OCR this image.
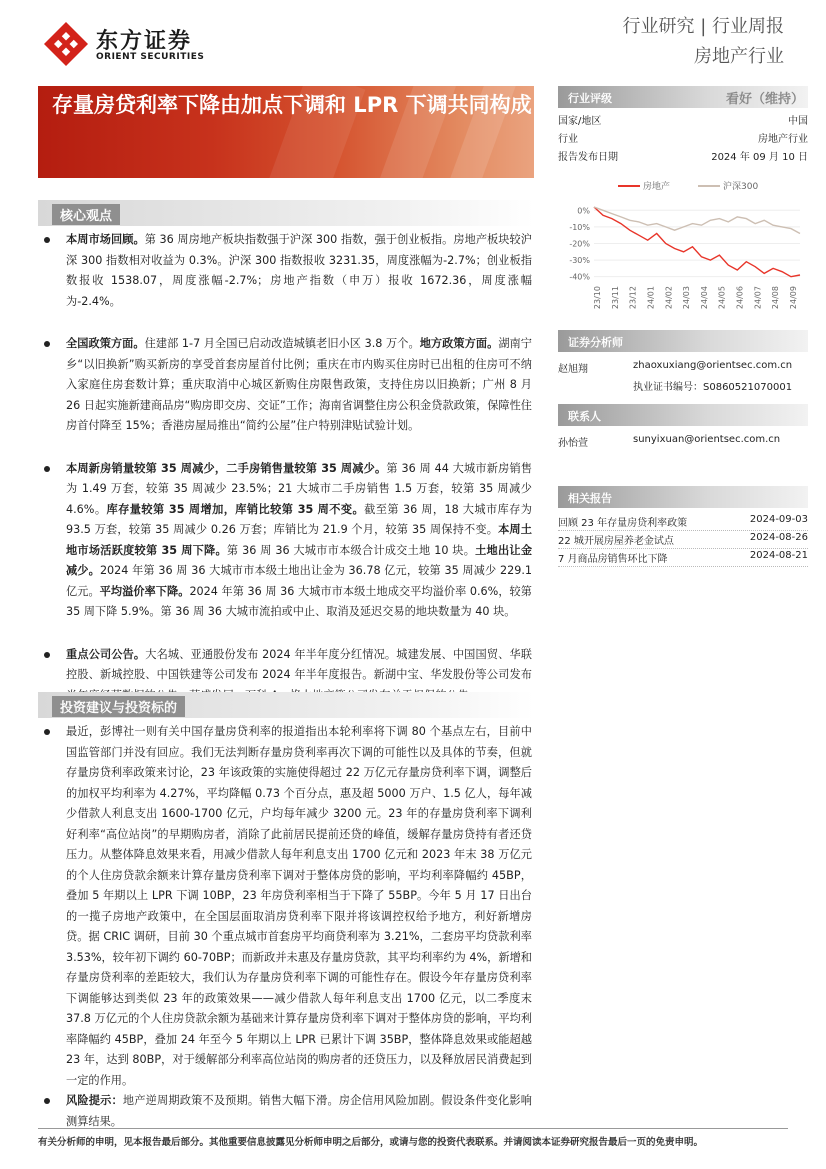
东方证券
ORIENT SECURITIES
行业研究 | 行业周报
房地产行业
存量房贷利率下降由加点下调和 LPR 下调共同构成
核心观点

本周市场回顾。第 36 周房地产板块指数强于沪深 300 指数，强于创业板指。房地产板块较沪深 300 指数相对收益为 0.3%。沪深 300 指数报收 3231.35，周度涨幅为-2.7%；创业板指数报收 1538.07，周度涨幅-2.7%；房地产指数（申万）报收 1672.36，周度涨幅为-2.4%。

全国政策方面。住建部 1-7 月全国已启动改造城镇老旧小区 3.8 万个。地方政策方面。湖南宁乡“以旧换新”购买新房的享受首套房屋首付比例；重庆在市内购买住房时已出租的住房可不纳入家庭住房套数计算；重庆取消中心城区新购住房限售政策，支持住房以旧换新；广州 8 月 26 日起实施新建商品房“购房即交房、交证”工作；海南省调整住房公积金贷款政策，保障性住房首付降至 15%；香港房屋局推出“简约公屋”住户特别津贴试验计划。

本周新房销量较第 35 周减少，二手房销售量较第 35 周减少。第 36 周 44 大城市新房销售为 1.49 万套，较第 35 周减少 23.5%；21 大城市二手房销售 1.5 万套，较第 35 周减少 4.6%。库存量较第 35 周增加，库销比较第 35 周不变。截至第 36 周，18 大城市库存为 93.5 万套，较第 35 周减少 0.26 万套；库销比为 21.9 个月，较第 35 周保持不变。本周土地市场活跃度较第 35 周下降。第 36 周 36 大城市市本级合计成交土地 10 块。土地出让金减少。2024 年第 36 周 36 大城市市本级土地出让金为 36.78 亿元，较第 35 周减少 229.1 亿元。平均溢价率下降。2024 年第 36 周 36 大城市市本级土地成交平均溢价率 0.6%，较第 35 周下降 5.9%。第 36 周 36 大城市流拍或中止、取消及延迟交易的地块数量为 40 块。

重点公司公告。大名城、亚通股份发布 2024 年半年度分红情况。城建发展、中国国贸、华联控股、新城控股、中国铁建等公司发布 2024 年半年度报告。新湖中宝、华发股份等公司发布

投资建议与投资标的

最近，彭博社一则有关中国存量房贷利率的报道指出本轮利率将下调 80 个基点左右，目前中国监管部门并没有回应。我们无法判断存量房贷利率再次下调的可能性以及具体的节奏，但就存量房贷利率政策来讨论，23 年该政策的实施使得超过 22 万亿元存量房贷利率下调，调整后的加权平均利率为 4.27%，平均降幅 0.73 个百分点，惠及超 5000 万户、1.5 亿人，每年减少借款人利息支出 1600-1700 亿元，户均每年减少 3200 元。23 年的存量房贷利率下调利好利率“高位站岗”的早期购房者，消除了此前居民提前还贷的峰值，缓解存量房贷持有者还贷压力。从整体降息效果来看，用减少借款人每年利息支出 1700 亿元和 2023 年末 38 万亿元的个人住房贷款余额来计算存量房贷利率下调对于整体房贷的影响，平均利率降幅约 45BP，叠加 5 年期以上 LPR 下调 10BP，23 年房贷利率相当于下降了 55BP。今年 5 月 17 日出台的一揽子房地产政策中，在全国层面取消房贷利率下限并将该调控权给予地方，利好新增房贷。据 CRIC 调研，目前 30 个重点城市首套房平均商贷利率为 3.21%，二套房平均贷款利率 3.53%，较年初下调约 60-70BP；而新政并未惠及存量房贷款，其平均利率约为 4%，新增和存量房贷利率的差距较大，我们认为存量房贷利率下调的可能性存在。假设今年存量房贷利率下调能够达到类似 23 年的政策效果——减少借款人每年利息支出 1700 亿元，以二季度末 37.8 万亿元的个人住房贷款余额为基础来计算存量房贷利率下调对于整体房贷的影响，平均利率降幅约 45BP，叠加 24 年至今 5 年期以上 LPR 已累计下调 35BP，整体降息效果或能超越 23 年，达到 80BP，对于缓解部分利率高位站岗的购房者的还贷压力，以及释放居民消费起到一定的作用。

风险提示：地产逆周期政策不及预期。销售大幅下滑。房企信用风险加剧。假设条件变化影响测算结果。

行业评级	看好（维持）
国家/地区	中国
行业	房地产行业
报告发布日期	2024 年 09 月 10 日
房地产	沪深300
0%
-10%
-20%
-30%
-40%
23/10 23/11 23/12 24/01 24/02 24/03 24/04 24/05 24/06 24/07 24/08 24/09
证券分析师
赵旭翔	zhaoxuxiang@orientsec.com.cn
执业证书编号：S0860521070001
联系人
孙怡萱	sunyixuan@orientsec.com.cn
相关报告
回顾 23 年存量房贷利率政策	2024-09-03
22 城开展房屋养老金试点	2024-08-26
7 月商品房销售环比下降	2024-08-21
有关分析师的申明，见本报告最后部分。其他重要信息披露见分析师申明之后部分，或请与您的投资代表联系。并请阅读本证券研究报告最后一页的免责申明。
